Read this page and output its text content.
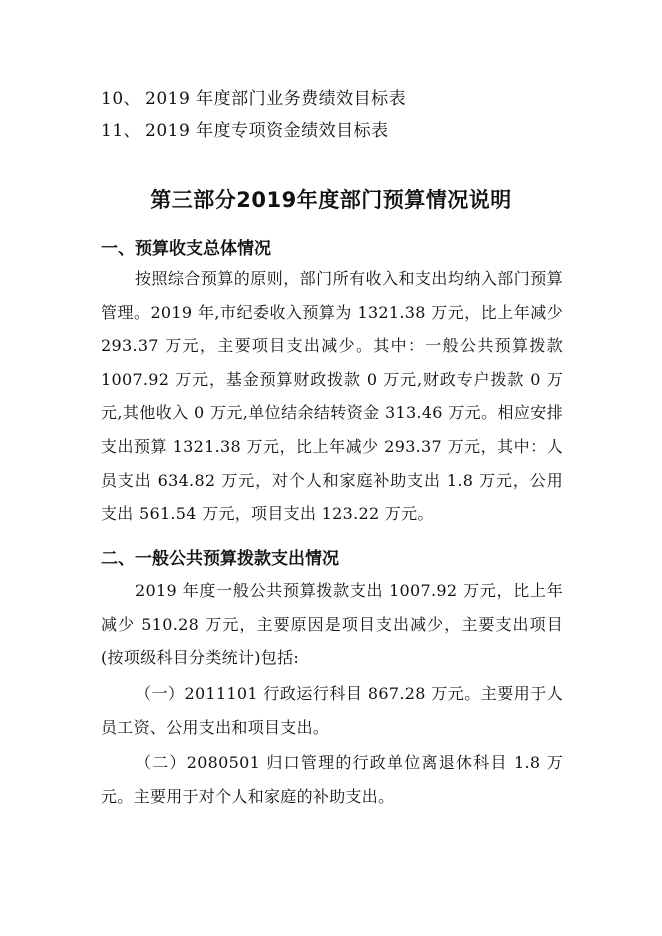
10、 2019 年度部门业务费绩效目标表
11、 2019 年度专项资金绩效目标表
第三部分2019年度部门预算情况说明
一、预算收支总体情况

按照综合预算的原则，部门所有收入和支出均纳入部门预算管理。2019 年,市纪委收入预算为 1321.38 万元，比上年减少 293.37 万元，主要项目支出减少。其中：一般公共预算拨款 1007.92 万元，基金预算财政拨款 0 万元,财政专户拨款 0 万元,其他收入 0 万元,单位结余结转资金 313.46 万元。相应安排支出预算 1321.38 万元，比上年减少 293.37 万元，其中：人员支出 634.82 万元，对个人和家庭补助支出 1.8 万元，公用支出 561.54 万元，项目支出 123.22 万元。

二、一般公共预算拨款支出情况

2019 年度一般公共预算拨款支出 1007.92 万元，比上年减少 510.28 万元，主要原因是项目支出减少，主要支出项目(按项级科目分类统计)包括:

（一）2011101 行政运行科目 867.28 万元。主要用于人员工资、公用支出和项目支出。

（二）2080501 归口管理的行政单位离退休科目 1.8 万元。主要用于对个人和家庭的补助支出。
